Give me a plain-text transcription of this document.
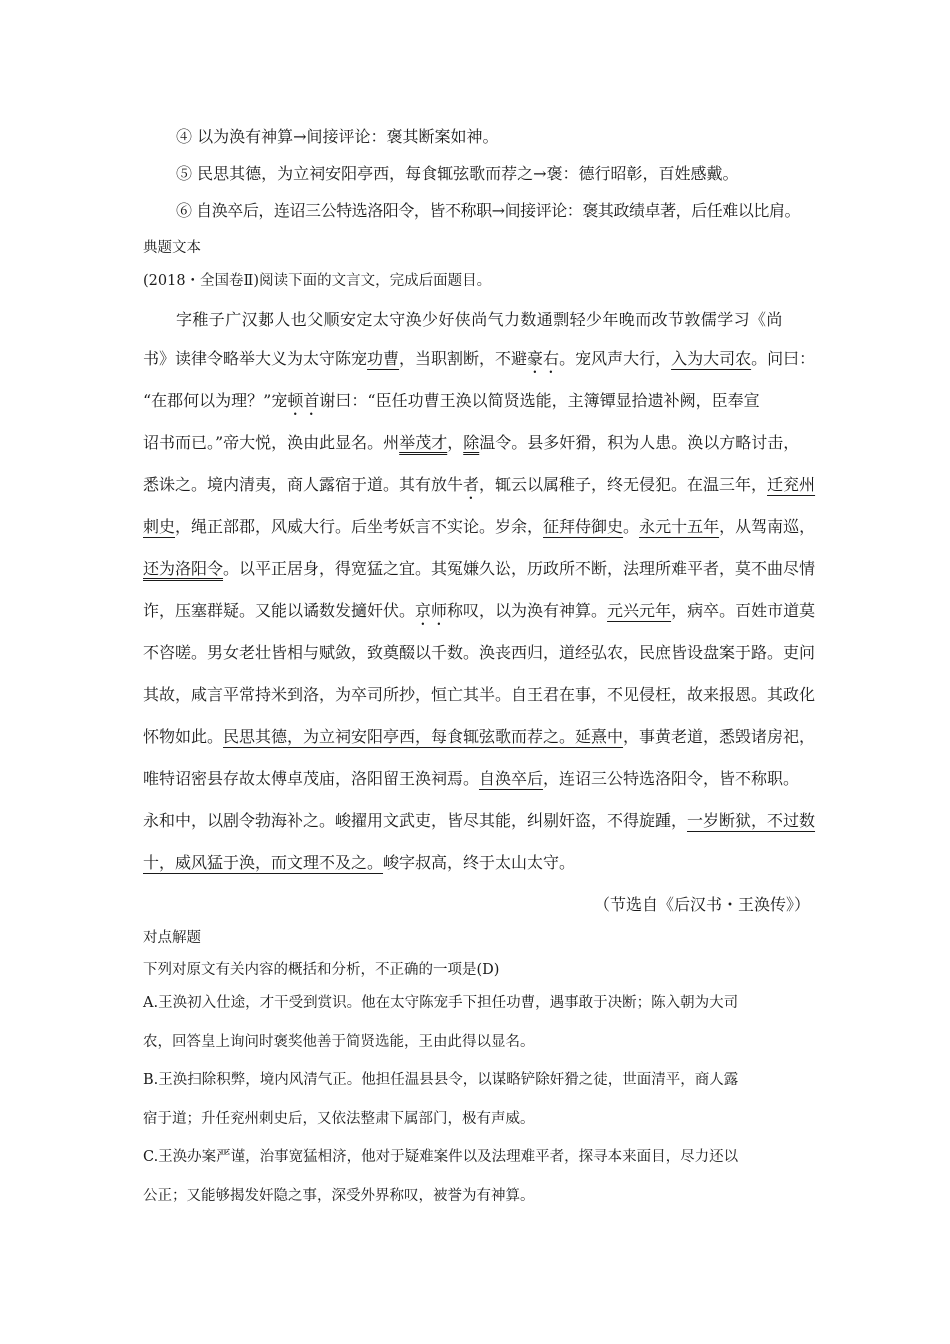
④ 以为涣有神算→间接评论：褒其断案如神。
⑤ 民思其德，为立祠安阳亭西，每食辄弦歌而荐之→褒：德行昭彰，百姓感戴。
⑥ 自涣卒后，连诏三公特选洛阳令，皆不称职→间接评论：褒其政绩卓著，后任难以比肩。
典题文本
(2018・全国卷Ⅱ)阅读下面的文言文，完成后面题目。
字稚子广汉郪人也父顺安定太守涣少好侠尚气力数通剽轻少年晚而改节敦儒学习《尚
书》读律令略举大义为太守陈宠功曹，当职割断，不避豪右。宠风声大行，入为大司农。问曰：
“在郡何以为理？”宠顿首谢曰：“臣任功曹王涣以简贤选能，主簿镡显拾遗补阙，臣奉宣
诏书而已。”帝大悦，涣由此显名。州举茂才，除温令。县多奸猾，积为人患。涣以方略讨击，
悉诛之。境内清夷，商人露宿于道。其有放牛者，辄云以属稚子，终无侵犯。在温三年，迁兖州
刺史，绳正部郡，风威大行。后坐考妖言不实论。岁余，征拜侍御史。永元十五年，从驾南巡，
还为洛阳令。以平正居身，得宽猛之宜。其冤嫌久讼，历政所不断，法理所难平者，莫不曲尽情
诈，压塞群疑。又能以谲数发擿奸伏。京师称叹，以为涣有神算。元兴元年，病卒。百姓市道莫
不咨嗟。男女老壮皆相与赋敛，致奠醊以千数。涣丧西归，道经弘农，民庶皆设盘案于路。吏问
其故，咸言平常持米到洛，为卒司所抄，恒亡其半。自王君在事，不见侵枉，故来报恩。其政化
怀物如此。民思其德，为立祠安阳亭西，每食辄弦歌而荐之。延熹中，事黄老道，悉毁诸房祀，
唯特诏密县存故太傅卓茂庙，洛阳留王涣祠焉。自涣卒后，连诏三公特选洛阳令，皆不称职。
永和中，以剧令勃海补之。峻擢用文武吏，皆尽其能，纠剔奸盗，不得旋踵，一岁断狱，不过数
十，威风猛于涣，而文理不及之。峻字叔高，终于太山太守。
（节选自《后汉书・王涣传》）
对点解题
下列对原文有关内容的概括和分析，不正确的一项是(D)
A.王涣初入仕途，才干受到赏识。他在太守陈宠手下担任功曹，遇事敢于决断；陈入朝为大司
农，回答皇上询问时褒奖他善于简贤选能，王由此得以显名。
B.王涣扫除积弊，境内风清气正。他担任温县县令，以谋略铲除奸猾之徒，世面清平，商人露
宿于道；升任兖州刺史后，又依法整肃下属部门，极有声威。
C.王涣办案严谨，治事宽猛相济，他对于疑难案件以及法理难平者，探寻本来面目，尽力还以
公正；又能够揭发奸隐之事，深受外界称叹，被誉为有神算。
